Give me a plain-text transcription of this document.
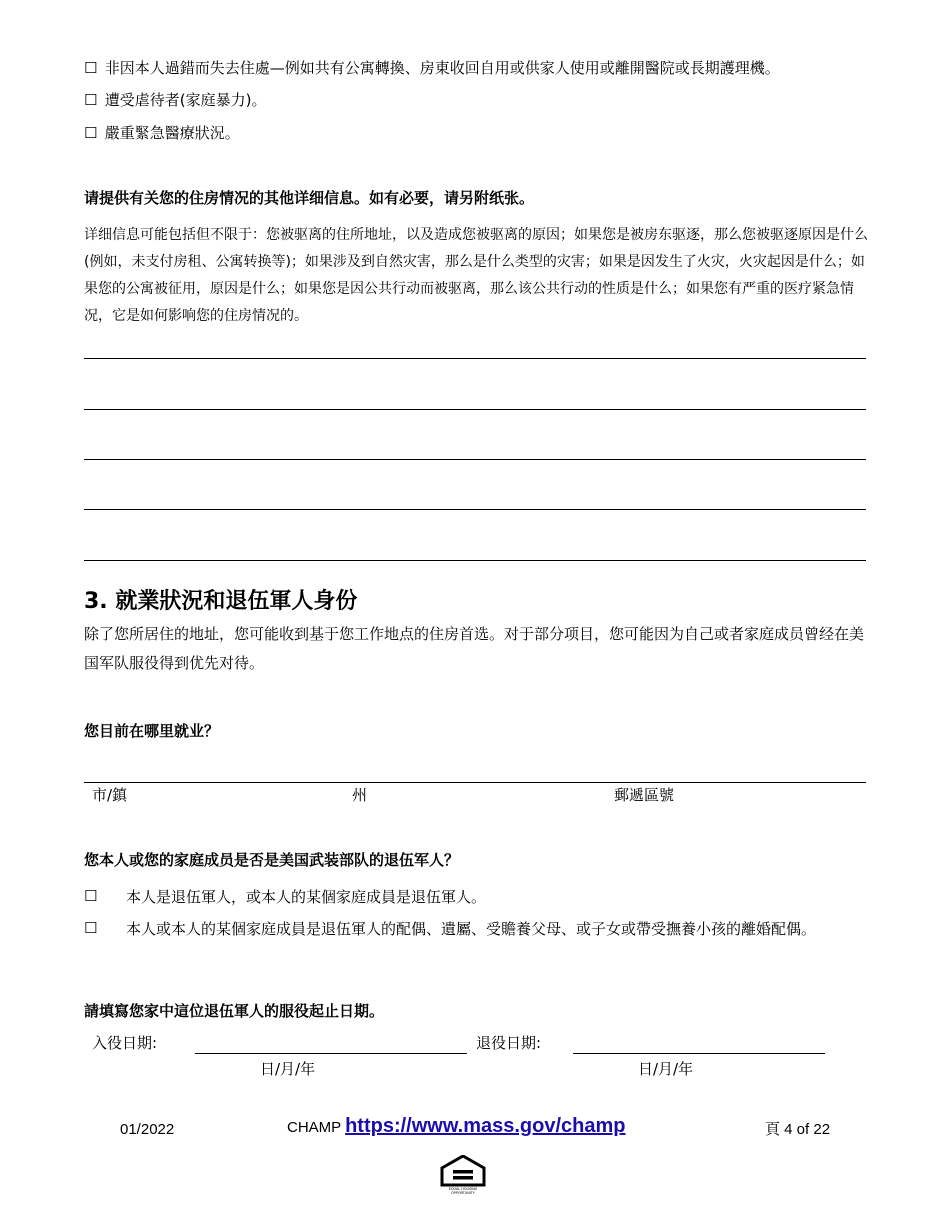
☐ 非因本人過錯而失去住處—例如共有公寓轉換、房東收回自用或供家人使用或離開醫院或長期護理機。
☐ 遭受虐待者(家庭暴力)。
☐ 嚴重緊急醫療狀況。
请提供有关您的住房情况的其他详细信息。如有必要，请另附纸张。
详细信息可能包括但不限于：您被驱离的住所地址，以及造成您被驱离的原因；如果您是被房东驱逐，那么您被驱逐原因是什么 (例如，未支付房租、公寓转换等)；如果涉及到自然灾害，那么是什么类型的灾害；如果是因发生了火灾，火灾起因是什么；如果您的公寓被征用，原因是什么；如果您是因公共行动而被驱离，那么该公共行动的性质是什么；如果您有严重的医疗紧急情况，它是如何影响您的住房情况的。
3. 就業狀況和退伍軍人身份
除了您所居住的地址，您可能收到基于您工作地点的住房首选。对于部分项目，您可能因为自己或者家庭成员曾经在美国军队服役得到优先对待。
您目前在哪里就业？
市/鎮	州	郵遞區號
您本人或您的家庭成员是否是美国武装部队的退伍军人？
☐ 本人是退伍軍人，或本人的某個家庭成員是退伍軍人。
☐ 本人或本人的某個家庭成員是退伍軍人的配偶、遺屬、受贍養父母、或子女或帶受撫養小孩的離婚配偶。
請填寫您家中這位退伍軍人的服役起止日期。
入役日期:	退役日期:
日/月/年	日/月/年
01/2022	CHAMP https://www.mass.gov/champ	頁 4 of 22
EQUAL HOUSING
OPPORTUNITY
